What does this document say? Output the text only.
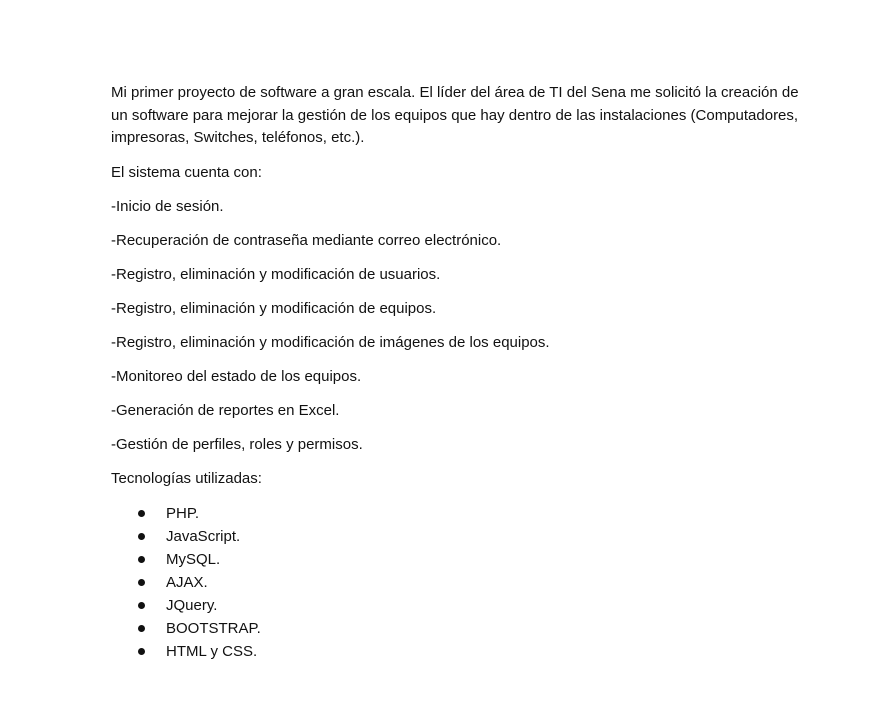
Mi primer proyecto de software a gran escala. El líder del área de TI del Sena me solicitó la creación de un software para mejorar la gestión de los equipos que hay dentro de las instalaciones (Computadores, impresoras, Switches, teléfonos, etc.).

El sistema cuenta con:

-Inicio de sesión.

-Recuperación de contraseña mediante correo electrónico.

-Registro, eliminación y modificación de usuarios.

-Registro, eliminación y modificación de equipos.

-Registro, eliminación y modificación de imágenes de los equipos.

-Monitoreo del estado de los equipos.

-Generación de reportes en Excel.

-Gestión de perfiles, roles y permisos.

Tecnologías utilizadas:

PHP.
JavaScript.
MySQL.
AJAX.
JQuery.
BOOTSTRAP.
HTML y CSS.
